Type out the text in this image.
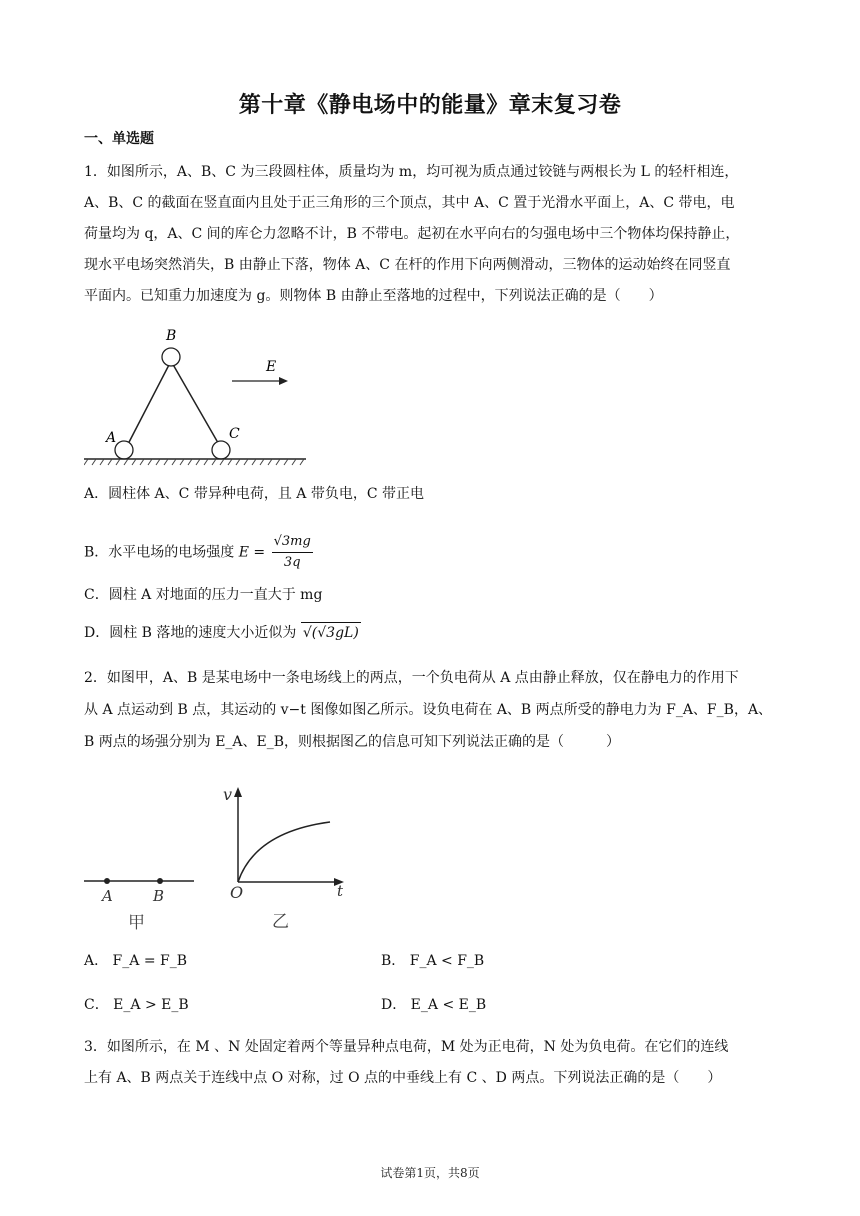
第十章《静电场中的能量》章末复习卷
一、单选题
1．如图所示，A、B、C 为三段圆柱体，质量均为 m，均可视为质点通过铰链与两根长为 L 的轻杆相连，
A、B、C 的截面在竖直面内且处于正三角形的三个顶点，其中 A、C 置于光滑水平面上，A、C 带电，电
荷量均为 q，A、C 间的库仑力忽略不计，B 不带电。起初在水平向右的匀强电场中三个物体均保持静止，
现水平电场突然消失，B 由静止下落，物体 A、C 在杆的作用下向两侧滑动，三物体的运动始终在同竖直
平面内。已知重力加速度为 g。则物体 B 由静止至落地的过程中，下列说法正确的是（　　）
B
A	C
E
A．圆柱体 A、C 带异种电荷，且 A 带负电，C 带正电
B．水平电场的电场强度 $E = \frac{√3mg}{3q}$
C．圆柱 A 对地面的压力一直大于 mg
D．圆柱 B 落地的速度大小近似为 √(√3gL)
2．如图甲，A、B 是某电场中一条电场线上的两点，一个负电荷从 A 点由静止释放，仅在静电力的作用下
从 A 点运动到 B 点，其运动的 v−t 图像如图乙所示。设负电荷在 A、B 两点所受的静电力为 F_A、F_B，A、
B 两点的场强分别为 E_A、E_B，则根据图乙的信息可知下列说法正确的是（　　　）
A	B
甲
v
O	t
乙
A． F_A = F_B	B． F_A < F_B
C． E_A > E_B	D． E_A < E_B
3．如图所示，在 M 、N 处固定着两个等量异种点电荷，M 处为正电荷，N 处为负电荷。在它们的连线
上有 A、B 两点关于连线中点 O 对称，过 O 点的中垂线上有 C 、D 两点。下列说法正确的是（　　）
试卷第1页，共8页
